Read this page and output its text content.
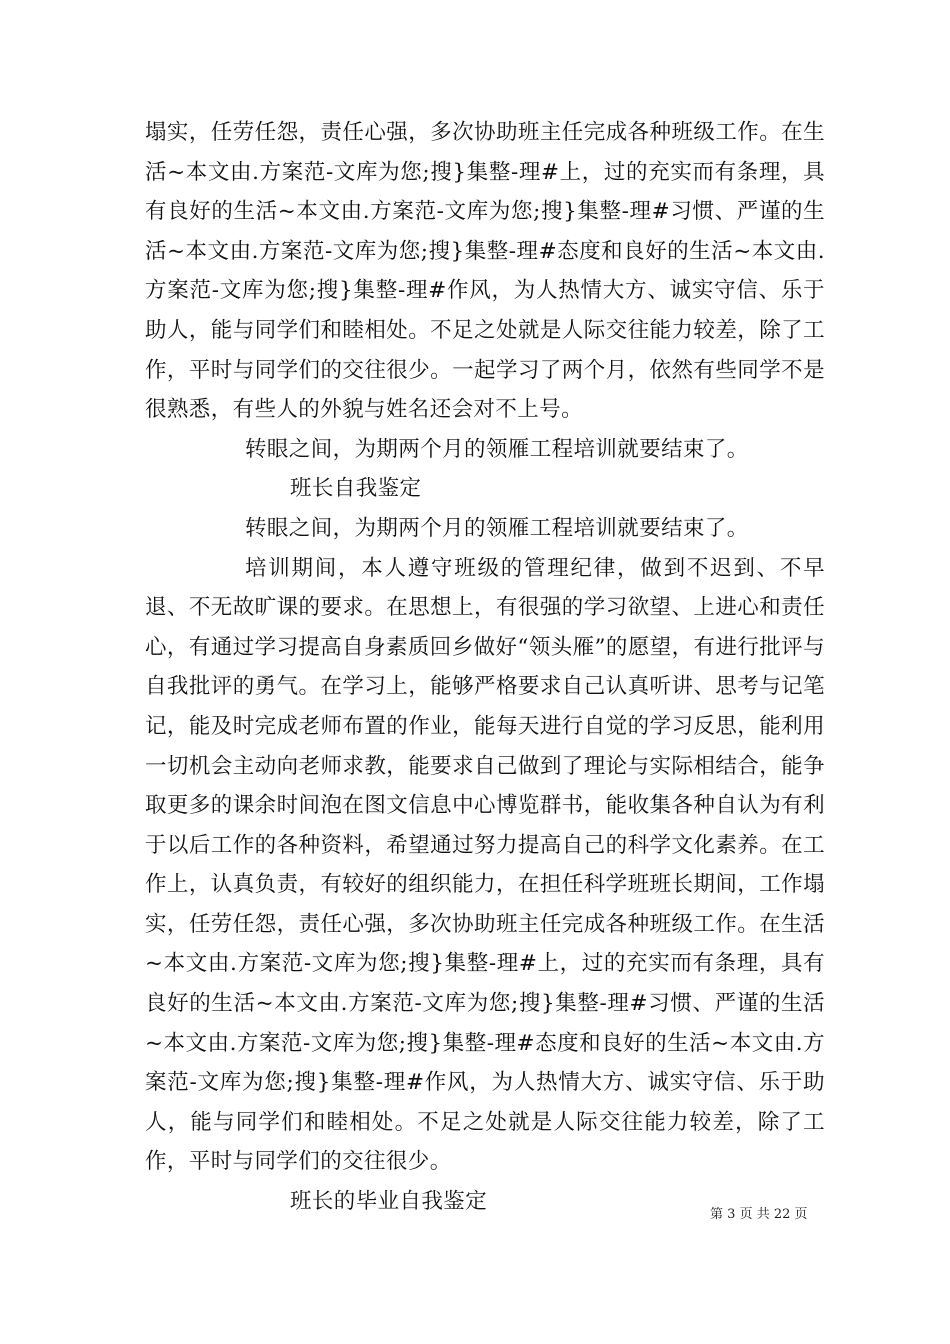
塌实，任劳任怨，责任心强，多次协助班主任完成各种班级工作。在生活~本文由.方案范-文库为您;搜}集整-理#上，过的充实而有条理，具有良好的生活~本文由.方案范-文库为您;搜}集整-理#习惯、严谨的生活~本文由.方案范-文库为您;搜}集整-理#态度和良好的生活~本文由.方案范-文库为您;搜}集整-理#作风，为人热情大方、诚实守信、乐于助人，能与同学们和睦相处。不足之处就是人际交往能力较差，除了工作，平时与同学们的交往很少。一起学习了两个月，依然有些同学不是很熟悉，有些人的外貌与姓名还会对不上号。

转眼之间，为期两个月的领雁工程培训就要结束了。

班长自我鉴定

转眼之间，为期两个月的领雁工程培训就要结束了。

培训期间，本人遵守班级的管理纪律，做到不迟到、不早退、不无故旷课的要求。在思想上，有很强的学习欲望、上进心和责任心，有通过学习提高自身素质回乡做好“领头雁”的愿望，有进行批评与自我批评的勇气。在学习上，能够严格要求自己认真听讲、思考与记笔记，能及时完成老师布置的作业，能每天进行自觉的学习反思，能利用一切机会主动向老师求教，能要求自己做到了理论与实际相结合，能争取更多的课余时间泡在图文信息中心博览群书，能收集各种自认为有利于以后工作的各种资料，希望通过努力提高自己的科学文化素养。在工作上，认真负责，有较好的组织能力，在担任科学班班长期间，工作塌实，任劳任怨，责任心强，多次协助班主任完成各种班级工作。在生活~本文由.方案范-文库为您;搜}集整-理#上，过的充实而有条理，具有良好的生活~本文由.方案范-文库为您;搜}集整-理#习惯、严谨的生活~本文由.方案范-文库为您;搜}集整-理#态度和良好的生活~本文由.方案范-文库为您;搜}集整-理#作风，为人热情大方、诚实守信、乐于助人，能与同学们和睦相处。不足之处就是人际交往能力较差，除了工作，平时与同学们的交往很少。

班长的毕业自我鉴定

第 3 页 共 22 页
